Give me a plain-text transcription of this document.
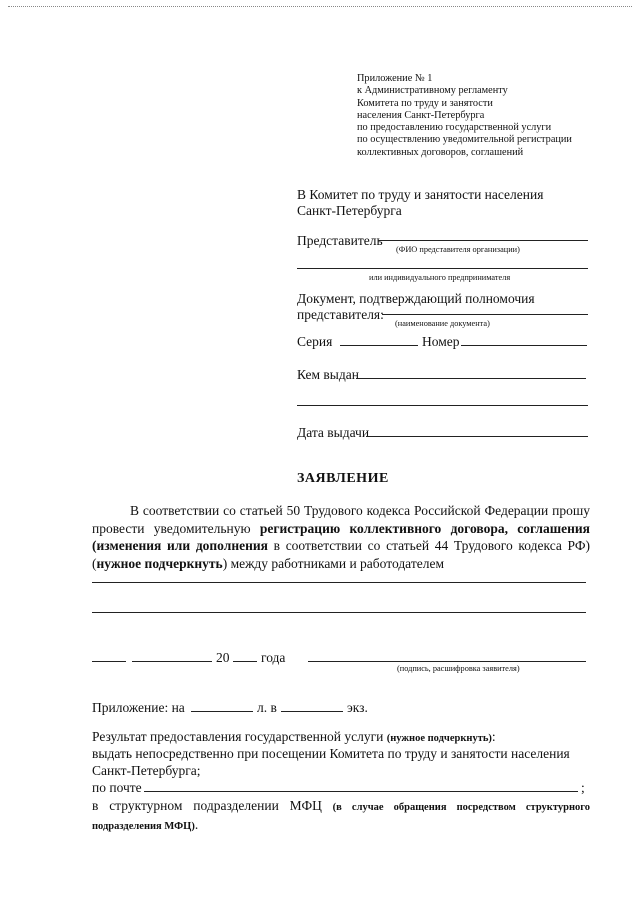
Приложение № 1
к Административному регламенту
Комитета по труду и занятости
населения Санкт-Петербурга
по предоставлению государственной услуги
по осуществлению уведомительной регистрации
коллективных договоров, соглашений
В Комитет по труду и занятости населения
Санкт-Петербурга
Представитель
(ФИО представителя организации)
или индивидуального предпринимателя
Документ, подтверждающий полномочия
представителя:
(наименование документа)
Серия	Номер
Кем выдан
Дата выдачи
ЗАЯВЛЕНИЕ

В соответствии со статьей 50 Трудового кодекса Российской Федерации прошу провести уведомительную регистрацию коллективного договора, соглашения (изменения или дополнения в соответствии со статьей 44 Трудового кодекса РФ) (нужное подчеркнуть) между работниками и работодателем

20 года
(подпись, расшифровка заявителя)
Приложение: на	л. в	экз.
Результат предоставления государственной услуги (нужное подчеркнуть):
выдать непосредственно при посещении Комитета по труду и занятости населения Санкт-Петербурга;
по почте	;
в структурном подразделении МФЦ (в случае обращения посредством структурного подразделения МФЦ).
